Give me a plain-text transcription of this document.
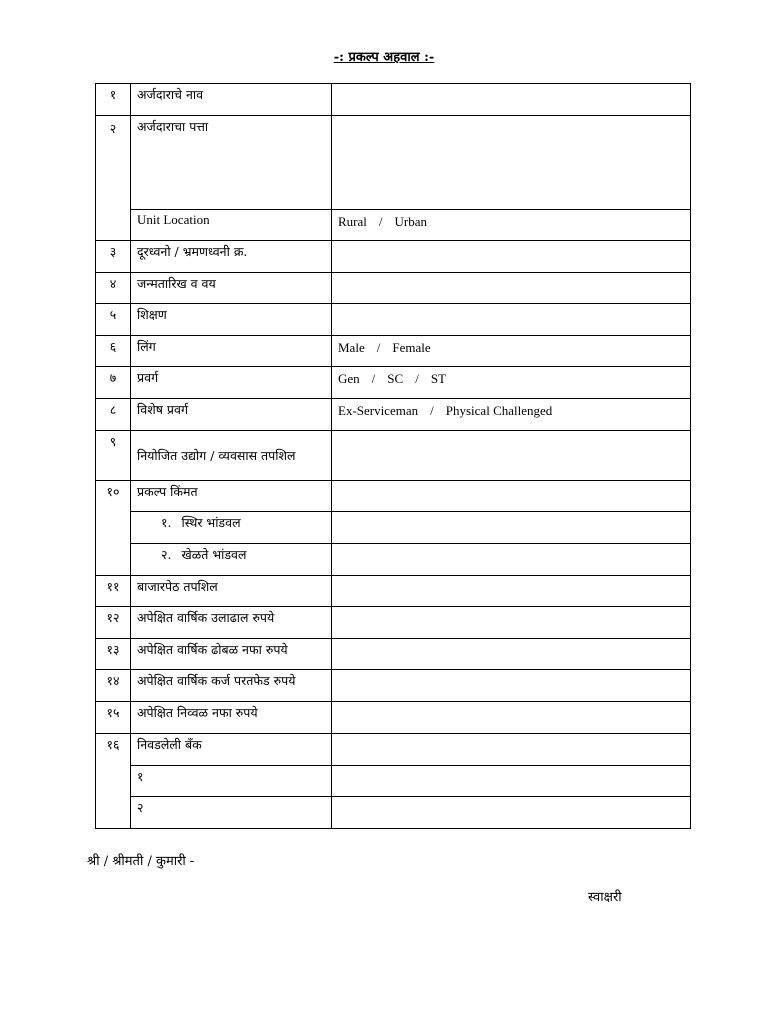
-: प्रकल्प अहवाल :-
१	अर्जदाराचे नाव	
२	अर्जदाराचा पत्ता	
	Unit Location	Rural / Urban
३	दूरध्वनो / भ्रमणध्वनी क्र.	
४	जन्मतारिख व वय	
५	शिक्षण	
६	लिंग	Male / Female
७	प्रवर्ग	Gen / SC / ST
८	विशेष प्रवर्ग	Ex-Serviceman / Physical Challenged
९	नियोजित उद्योग / व्यवसास तपशिल	
१०	प्रकल्प किंमत	
	१. स्थिर भांडवल	
	२. खेळते भांडवल	
११	बाजारपेठ तपशिल	
१२	अपेक्षित वार्षिक उलाढाल रुपये	
१३	अपेक्षित वार्षिक ढोबळ नफा रुपये	
१४	अपेक्षित वार्षिक कर्ज परतफेड रुपये	
१५	अपेक्षित निव्वळ नफा रुपये	
१६	निवडलेली बँक	
	१	
	२	
श्री / श्रीमती / कुमारी -
स्वाक्षरी
